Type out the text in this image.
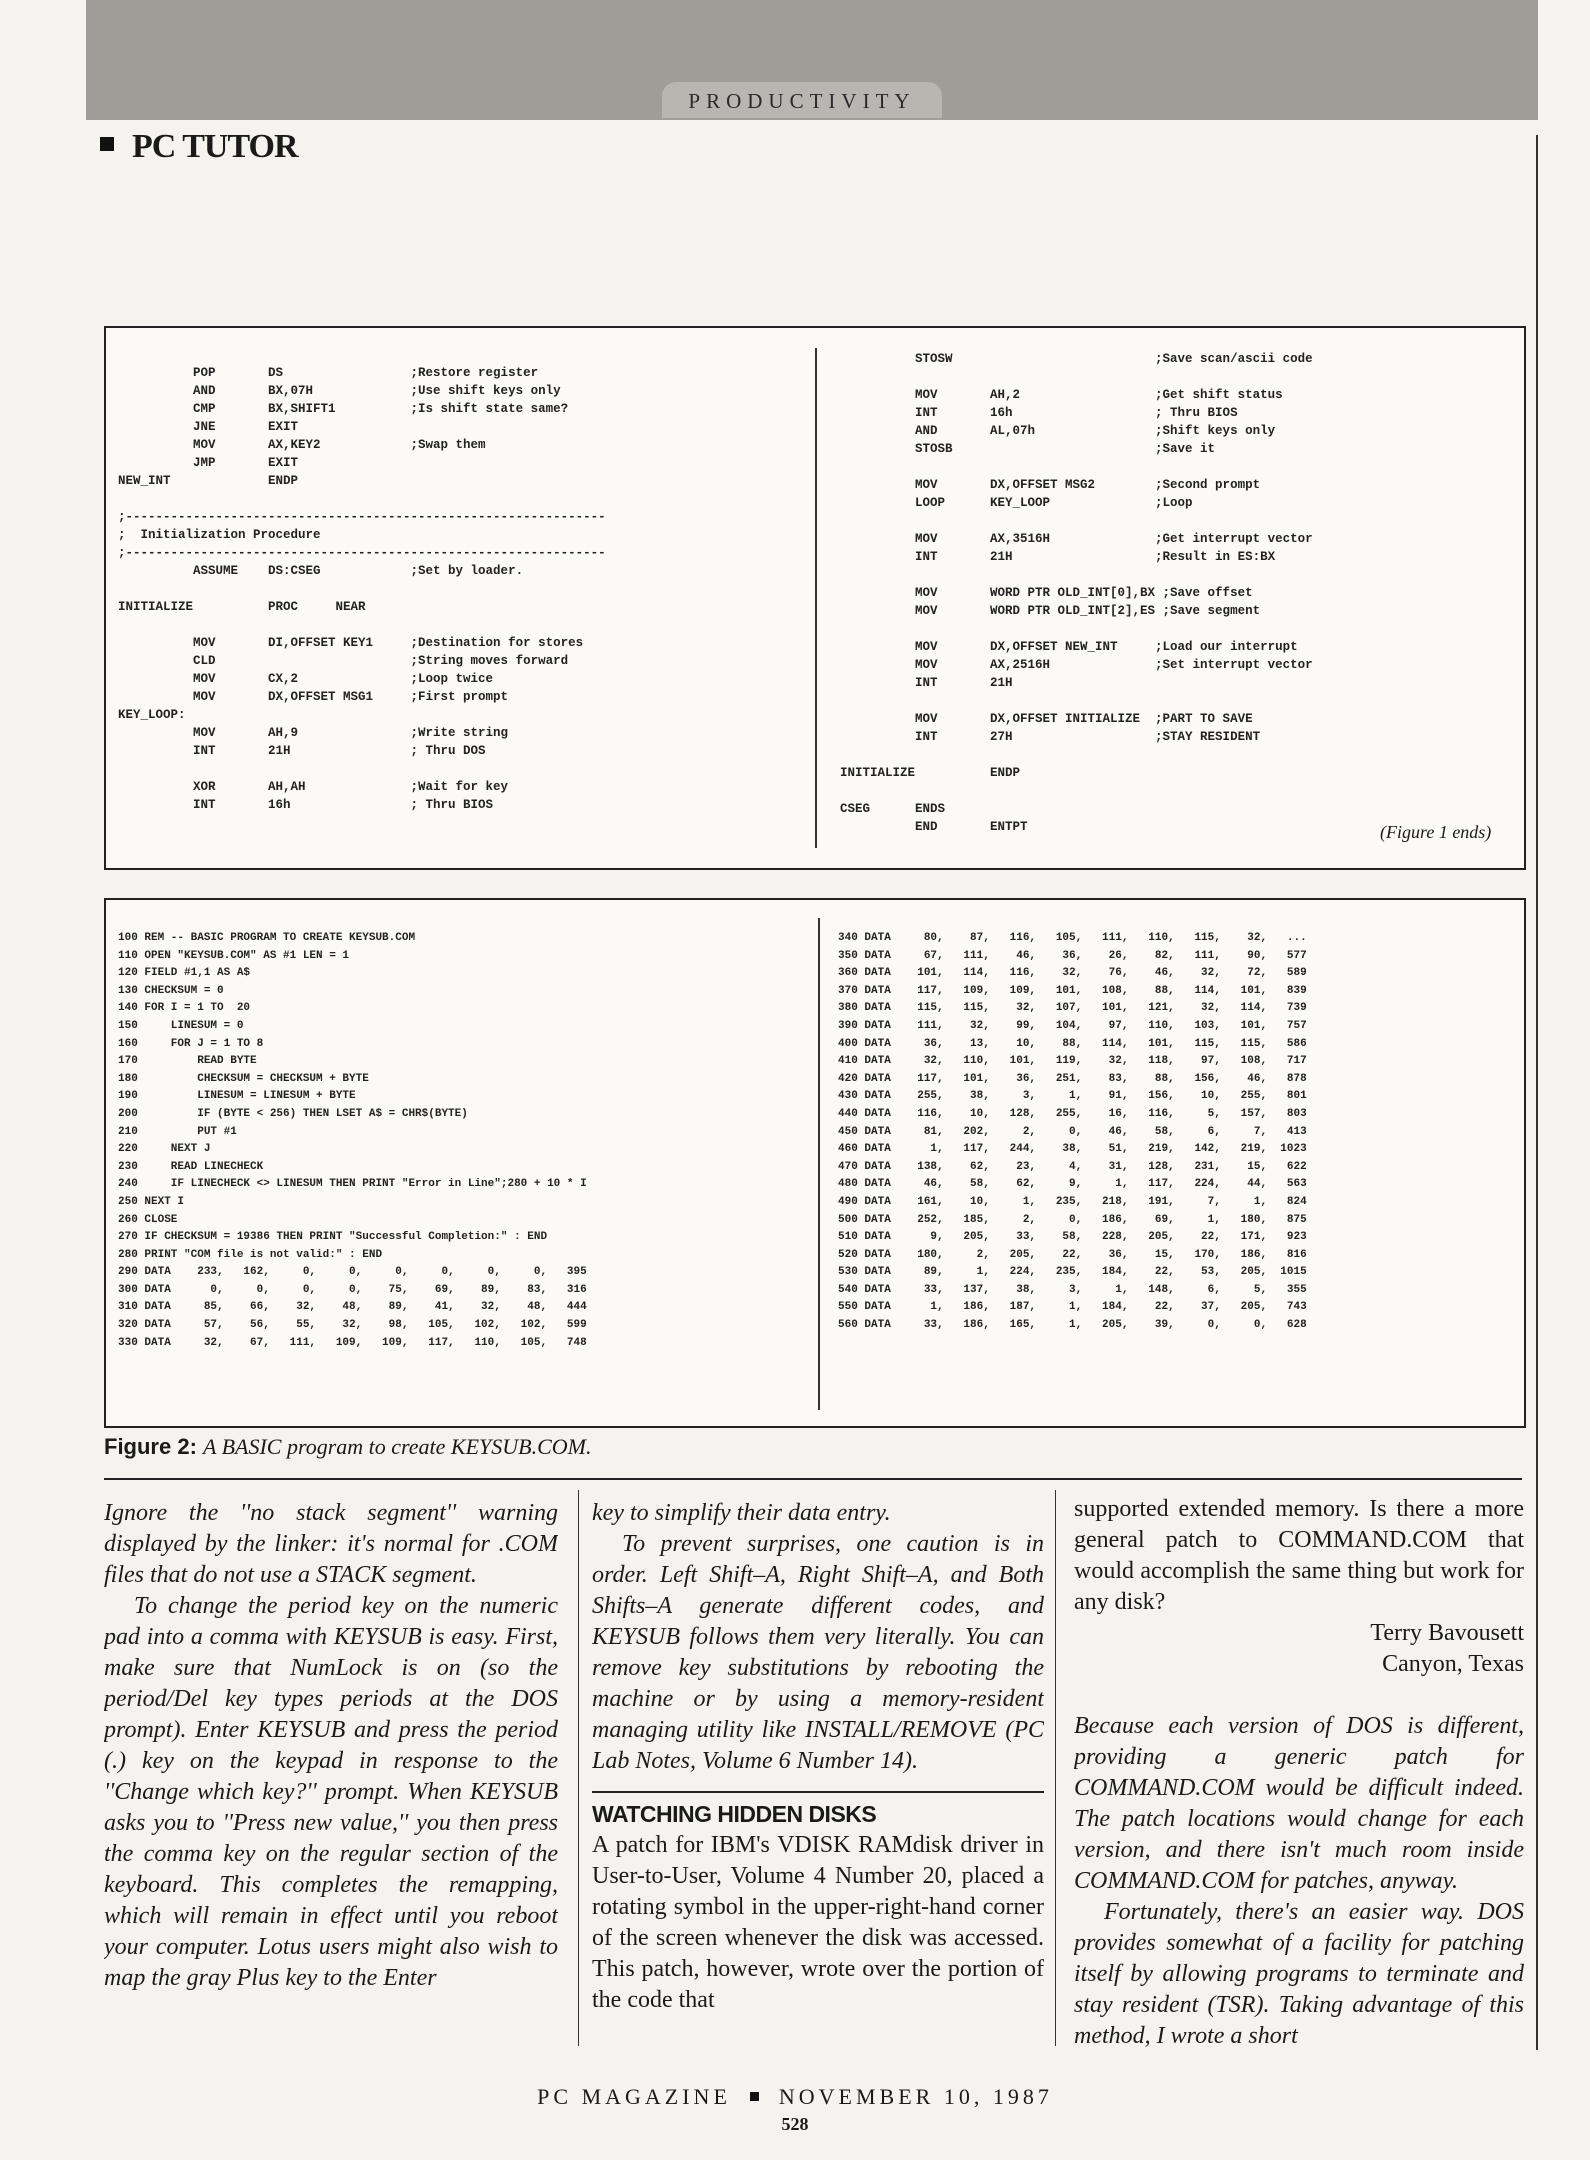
PRODUCTIVITY
PC TUTOR
POP       DS                 ;Restore register
AND       BX,07H             ;Use shift keys only
CMP       BX,SHIFT1          ;Is shift state same?
JNE       EXIT
MOV       AX,KEY2            ;Swap them
JMP       EXIT
NEW_INT             ENDP

;----------------------------------------------------------------
;  Initialization Procedure
;----------------------------------------------------------------
ASSUME    DS:CSEG            ;Set by loader.

INITIALIZE          PROC     NEAR

MOV       DI,OFFSET KEY1     ;Destination for stores
CLD                          ;String moves forward
MOV       CX,2               ;Loop twice
MOV       DX,OFFSET MSG1     ;First prompt
KEY_LOOP:
MOV       AH,9               ;Write string
INT       21H                ; Thru DOS

XOR       AH,AH              ;Wait for key
INT       16h                ; Thru BIOS
STOSW                           ;Save scan/ascii code

MOV       AH,2                  ;Get shift status
INT       16h                   ; Thru BIOS
AND       AL,07h                ;Shift keys only
STOSB                           ;Save it

MOV       DX,OFFSET MSG2        ;Second prompt
LOOP      KEY_LOOP              ;Loop

MOV       AX,3516H              ;Get interrupt vector
INT       21H                   ;Result in ES:BX

MOV       WORD PTR OLD_INT[0],BX ;Save offset
MOV       WORD PTR OLD_INT[2],ES ;Save segment

MOV       DX,OFFSET NEW_INT     ;Load our interrupt
MOV       AX,2516H              ;Set interrupt vector
INT       21H

MOV       DX,OFFSET INITIALIZE  ;PART TO SAVE
INT       27H                   ;STAY RESIDENT

INITIALIZE          ENDP

CSEG      ENDS
END       ENTPT	(Figure 1 ends)
100 REM -- BASIC PROGRAM TO CREATE KEYSUB.COM
110 OPEN "KEYSUB.COM" AS #1 LEN = 1
120 FIELD #1,1 AS A$
130 CHECKSUM = 0
140 FOR I = 1 TO  20
150     LINESUM = 0
160     FOR J = 1 TO 8
170         READ BYTE
180         CHECKSUM = CHECKSUM + BYTE
190         LINESUM = LINESUM + BYTE
200         IF (BYTE < 256) THEN LSET A$ = CHR$(BYTE)
210         PUT #1
220     NEXT J
230     READ LINECHECK
240     IF LINECHECK <> LINESUM THEN PRINT "Error in Line";280 + 10 * I
250 NEXT I
260 CLOSE
270 IF CHECKSUM = 19386 THEN PRINT "Successful Completion:" : END
280 PRINT "COM file is not valid:" : END
290 DATA    233,   162,     0,     0,     0,     0,     0,     0,   395
300 DATA      0,     0,     0,     0,    75,    69,    89,    83,   316
310 DATA     85,    66,    32,    48,    89,    41,    32,    48,   444
320 DATA     57,    56,    55,    32,    98,   105,   102,   102,   599
330 DATA     32,    67,   111,   109,   109,   117,   110,   105,   748
340 DATA     80,    87,   116,   105,   111,   110,   115,    32,   ...
350 DATA     67,   111,    46,    36,    26,    82,   111,    90,   577
360 DATA    101,   114,   116,    32,    76,    46,    32,    72,   589
370 DATA    117,   109,   109,   101,   108,    88,   114,   101,   839
380 DATA    115,   115,    32,   107,   101,   121,    32,   114,   739
390 DATA    111,    32,    99,   104,    97,   110,   103,   101,   757
400 DATA     36,    13,    10,    88,   114,   101,   115,   115,   586
410 DATA     32,   110,   101,   119,    32,   118,    97,   108,   717
420 DATA    117,   101,    36,   251,    83,    88,   156,    46,   878
430 DATA    255,    38,     3,     1,    91,   156,    10,   255,   801
440 DATA    116,    10,   128,   255,    16,   116,     5,   157,   803
450 DATA     81,   202,     2,     0,    46,    58,     6,     7,   413
460 DATA      1,   117,   244,    38,    51,   219,   142,   219,  1023
470 DATA    138,    62,    23,     4,    31,   128,   231,    15,   622
480 DATA     46,    58,    62,     9,     1,   117,   224,    44,   563
490 DATA    161,    10,     1,   235,   218,   191,     7,     1,   824
500 DATA    252,   185,     2,     0,   186,    69,     1,   180,   875
510 DATA      9,   205,    33,    58,   228,   205,    22,   171,   923
520 DATA    180,     2,   205,    22,    36,    15,   170,   186,   816
530 DATA     89,     1,   224,   235,   184,    22,    53,   205,  1015
540 DATA     33,   137,    38,     3,     1,   148,     6,     5,   355
550 DATA      1,   186,   187,     1,   184,    22,    37,   205,   743
560 DATA     33,   186,   165,     1,   205,    39,     0,     0,   628
Figure 2: A BASIC program to create KEYSUB.COM.

Ignore the ''no stack segment'' warning displayed by the linker: it's normal for .COM files that do not use a STACK segment.

To change the period key on the numeric pad into a comma with KEYSUB is easy. First, make sure that NumLock is on (so the period/Del key types periods at the DOS prompt). Enter KEYSUB and press the period (.) key on the keypad in response to the ''Change which key?'' prompt. When KEYSUB asks you to ''Press new value,'' you then press the comma key on the regular section of the keyboard. This completes the remapping, which will remain in effect until you reboot your computer. Lotus users might also wish to map the gray Plus key to the Enter

key to simplify their data entry.

To prevent surprises, one caution is in order. Left Shift–A, Right Shift–A, and Both Shifts–A generate different codes, and KEYSUB follows them very literally. You can remove key substitutions by rebooting the machine or by using a memory-resident managing utility like INSTALL/REMOVE (PC Lab Notes, Volume 6 Number 14).

WATCHING HIDDEN DISKS

A patch for IBM's VDISK RAMdisk driver in User-to-User, Volume 4 Number 20, placed a rotating symbol in the upper-right-hand corner of the screen whenever the disk was accessed. This patch, however, wrote over the portion of the code that

supported extended memory. Is there a more general patch to COMMAND.COM that would accomplish the same thing but work for any disk?

Terry Bavousett

Canyon, Texas

Because each version of DOS is different, providing a generic patch for COMMAND.COM would be difficult indeed. The patch locations would change for each version, and there isn't much room inside COMMAND.COM for patches, anyway.

Fortunately, there's an easier way. DOS provides somewhat of a facility for patching itself by allowing programs to terminate and stay resident (TSR). Taking advantage of this method, I wrote a short

PC MAGAZINE NOVEMBER 10, 1987
528
